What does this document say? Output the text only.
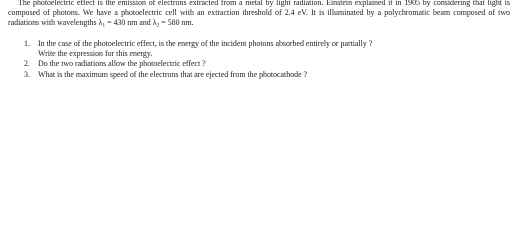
The photoelectric effect is the emission of electrons extracted from a metal by light radiation. Einstein explained it in 1905 by considering that light is composed of photons. We have a photoelectric cell with an extraction threshold of 2.4 eV. It is illuminated by a polychromatic beam composed of two radiations with wavelengths $\lambda_1 = 430$ nm and $\lambda_2 = 580$ nm.

1. In the case of the photoelectric effect, is the energy of the incident photons absorbed entirely or partially ?
Write the expression for this energy.
2. Do the two radiations allow the photoelectric effect ?
3. What is the maximum speed of the electrons that are ejected from the photocathode ?
